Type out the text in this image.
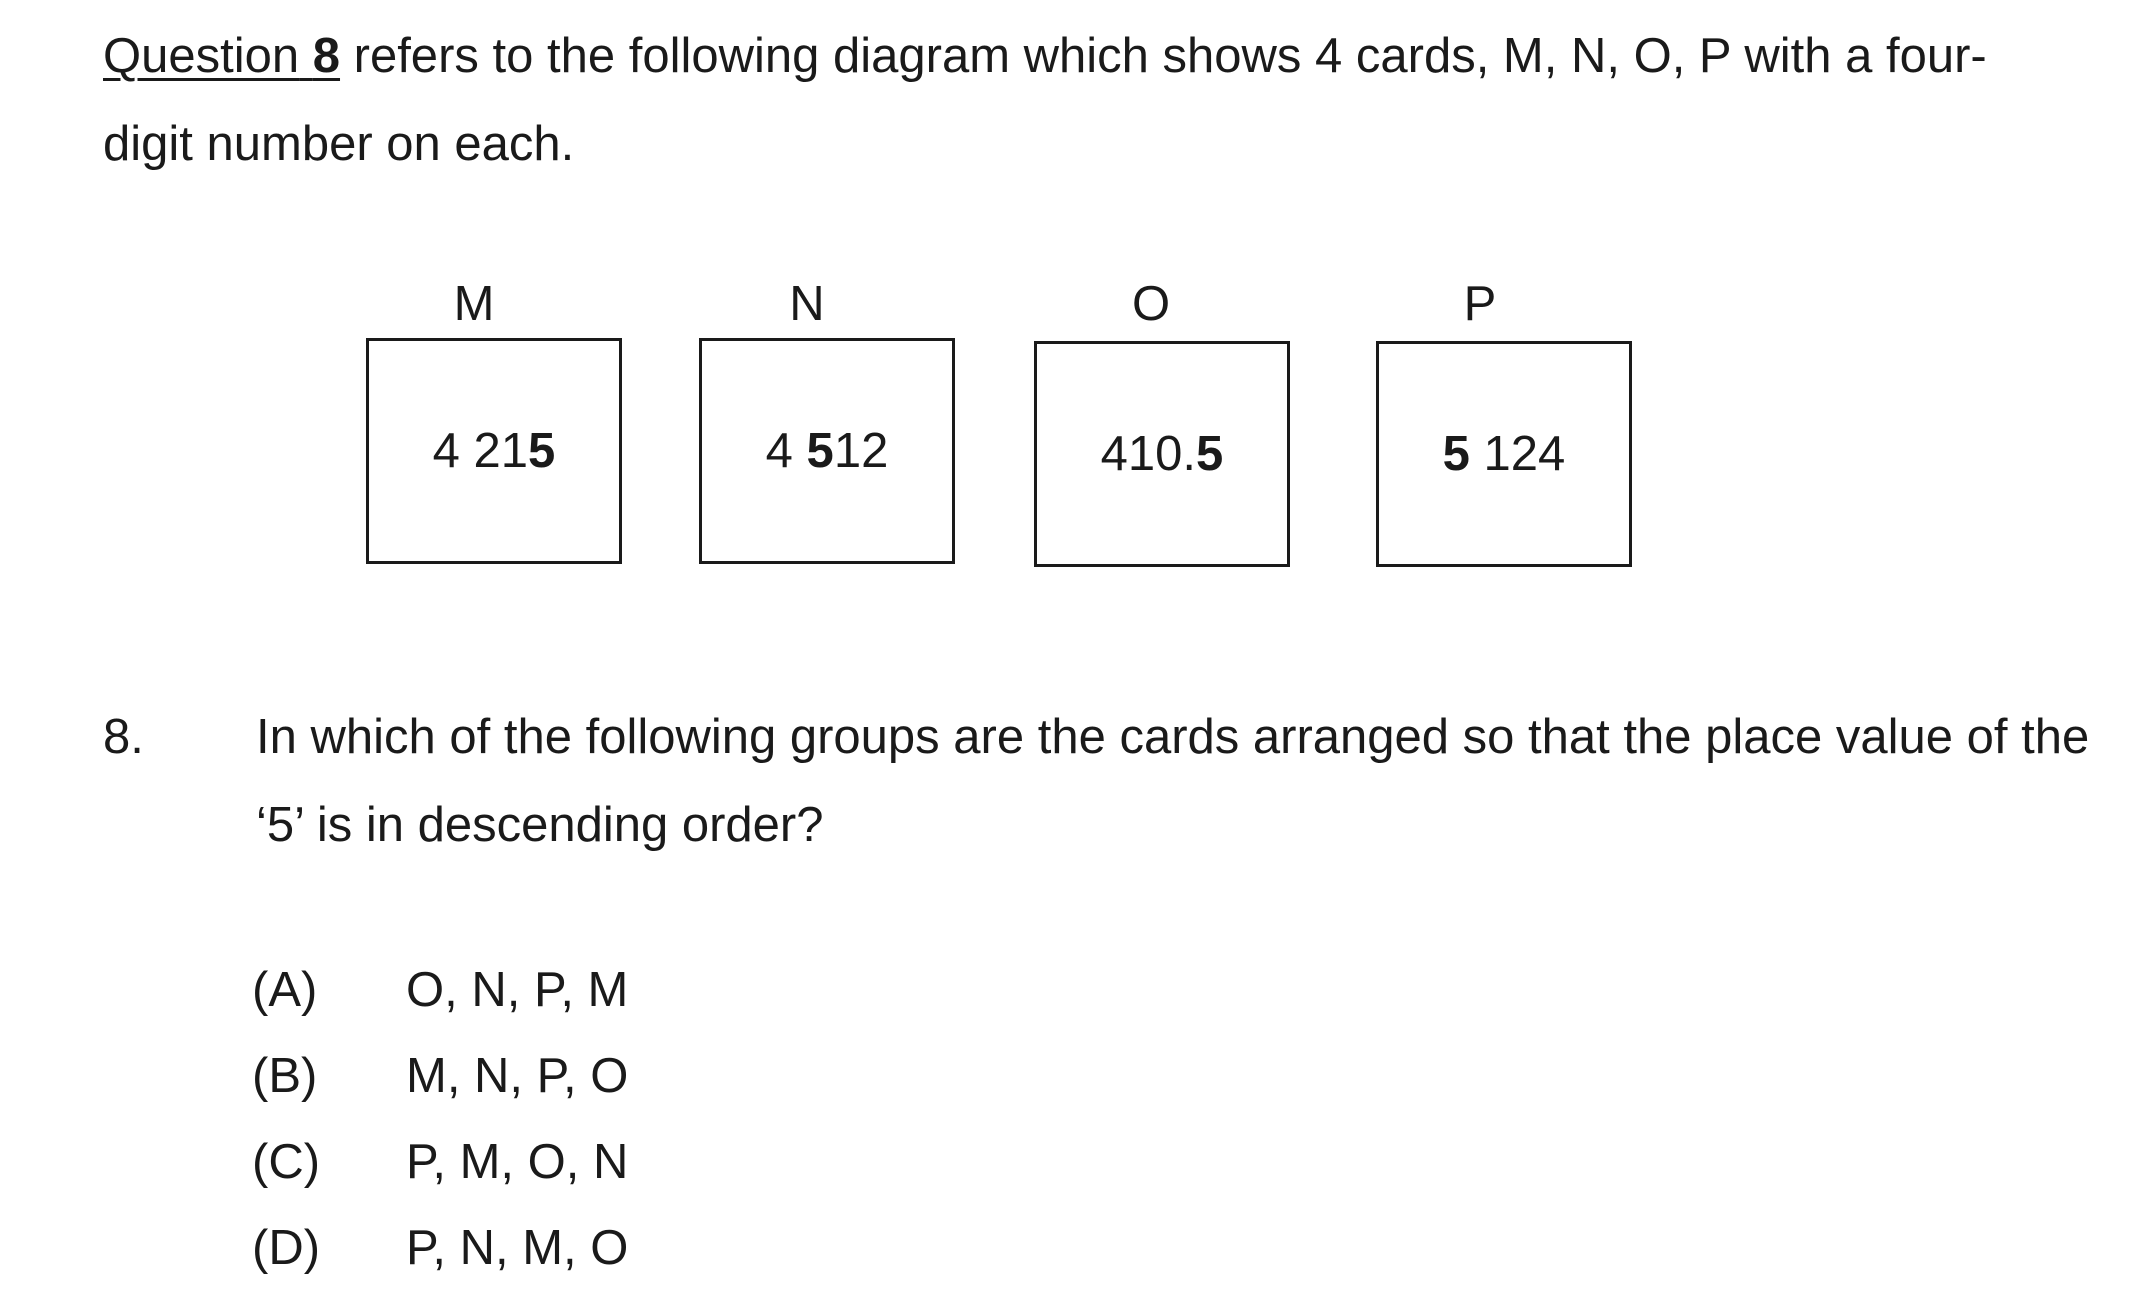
Question 8 refers to the following diagram which shows 4 cards, M, N, O, P with a four-digit number on each.

M
4 215
N
4 512
O
410.5
P
5 124
8. In which of the following groups are the cards arranged so that the place value of the ‘5’ is in descending order?

(A) O, N, P, M
(B) M, N, P, O
(C) P, M, O, N
(D) P, N, M, O
